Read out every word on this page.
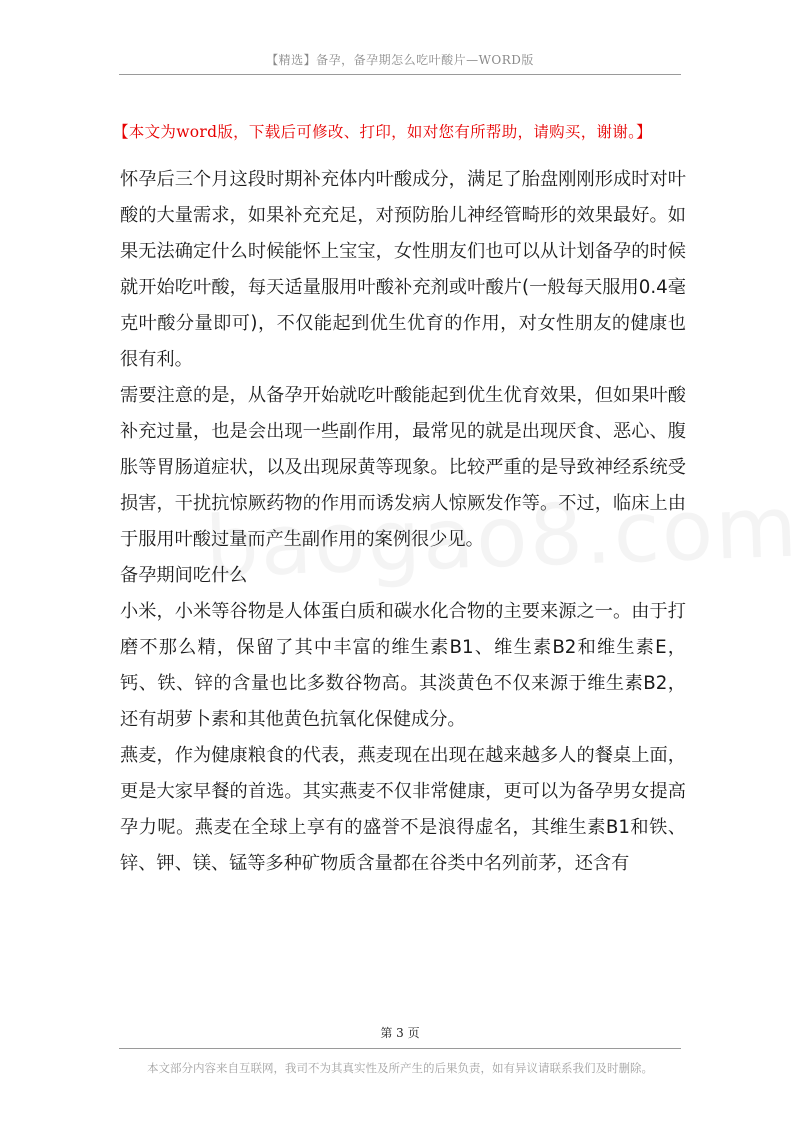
【精选】备孕，备孕期怎么吃叶酸片—WORD版
【本文为word版，下载后可修改、打印，如对您有所帮助，请购买，谢谢。】

怀孕后三个月这段时期补充体内叶酸成分，满足了胎盘刚刚形成时对叶酸的大量需求，如果补充充足，对预防胎儿神经管畸形的效果最好。如果无法确定什么时候能怀上宝宝，女性朋友们也可以从计划备孕的时候就开始吃叶酸，每天适量服用叶酸补充剂或叶酸片(一般每天服用0.4毫克叶酸分量即可)，不仅能起到优生优育的作用，对女性朋友的健康也很有利。

需要注意的是，从备孕开始就吃叶酸能起到优生优育效果，但如果叶酸补充过量，也是会出现一些副作用，最常见的就是出现厌食、恶心、腹胀等胃肠道症状，以及出现尿黄等现象。比较严重的是导致神经系统受损害，干扰抗惊厥药物的作用而诱发病人惊厥发作等。不过，临床上由于服用叶酸过量而产生副作用的案例很少见。

备孕期间吃什么

小米，小米等谷物是人体蛋白质和碳水化合物的主要来源之一。由于打磨不那么精，保留了其中丰富的维生素B1、维生素B2和维生素E，钙、铁、锌的含量也比多数谷物高。其淡黄色不仅来源于维生素B2，还有胡萝卜素和其他黄色抗氧化保健成分。

燕麦，作为健康粮食的代表，燕麦现在出现在越来越多人的餐桌上面，更是大家早餐的首选。其实燕麦不仅非常健康，更可以为备孕男女提高孕力呢。燕麦在全球上享有的盛誉不是浪得虚名，其维生素B1和铁、锌、钾、镁、锰等多种矿物质含量都在谷类中名列前茅，还含有

第 3 页
本文部分内容来自互联网，我司不为其真实性及所产生的后果负责，如有异议请联系我们及时删除。
